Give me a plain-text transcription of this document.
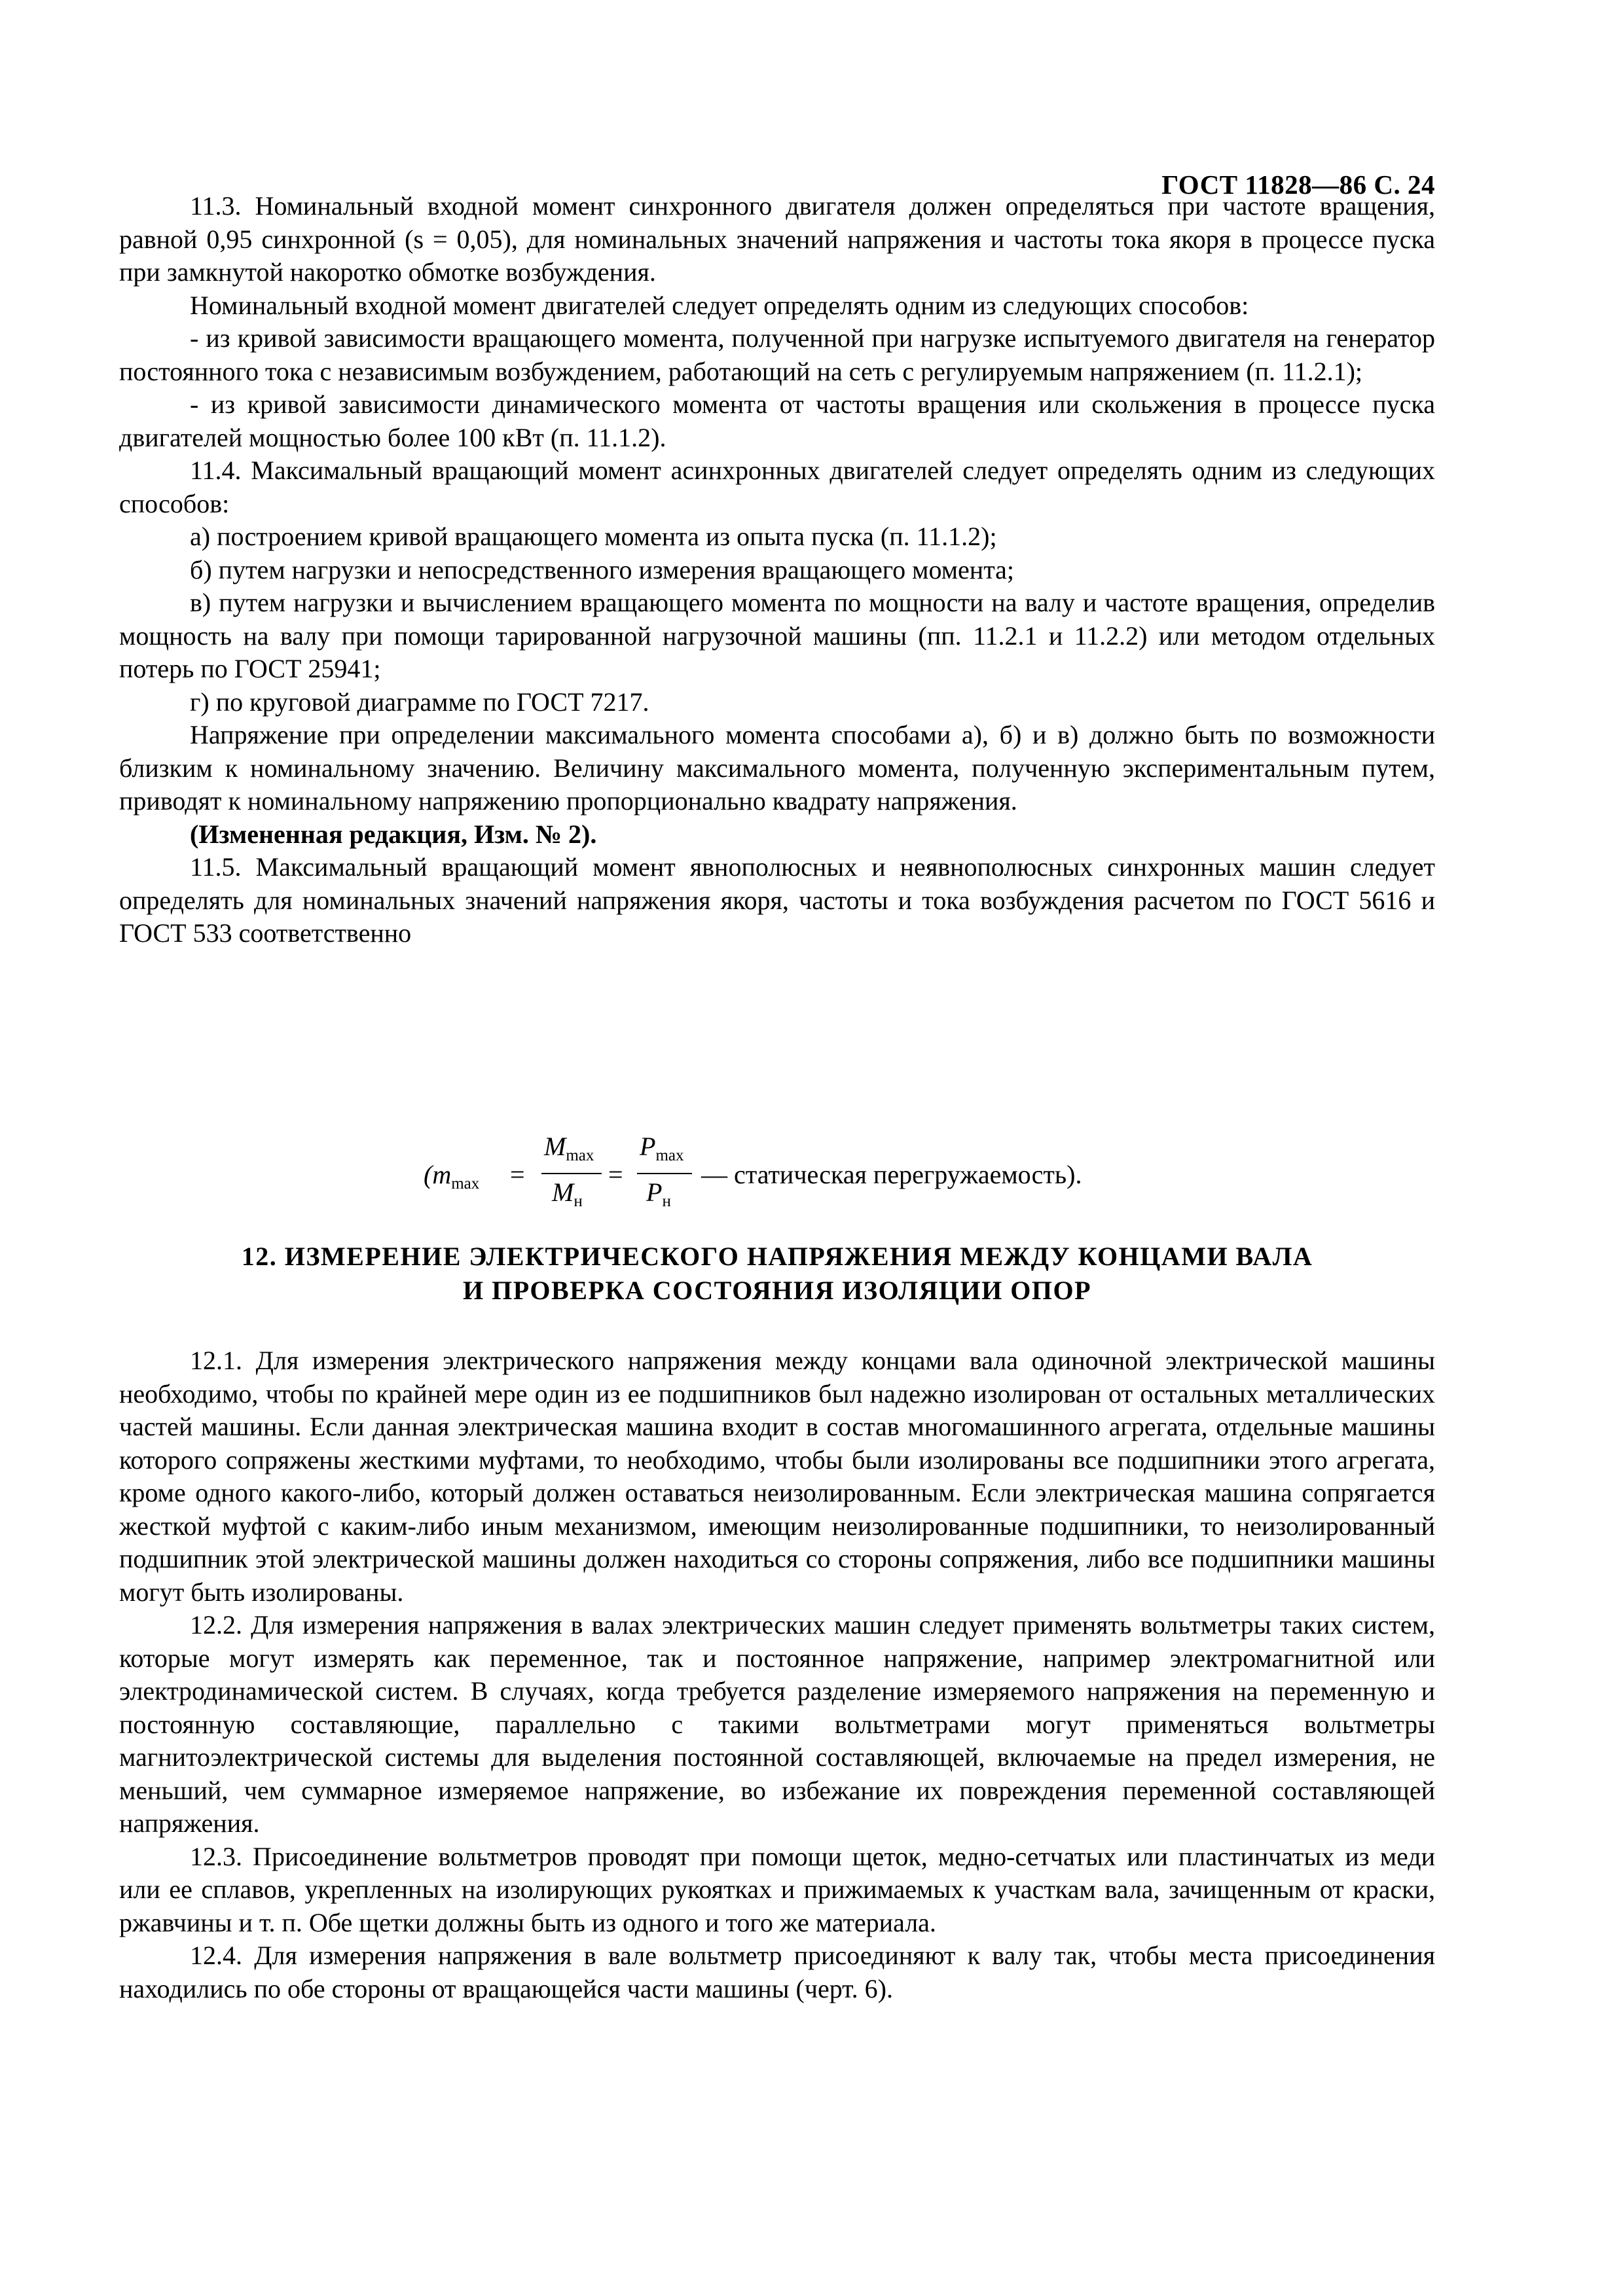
ГОСТ 11828—86 С. 24

11.3. Номинальный входной момент синхронного двигателя должен определяться при частоте вращения, равной 0,95 синхронной (s = 0,05), для номинальных значений напряжения и частоты тока якоря в процессе пуска при замкнутой накоротко обмотке возбуждения.

Номинальный входной момент двигателей следует определять одним из следующих способов:

- из кривой зависимости вращающего момента, полученной при нагрузке испытуемого двигателя на генератор постоянного тока с независимым возбуждением, работающий на сеть с регулируемым напряжением (п. 11.2.1);

- из кривой зависимости динамического момента от частоты вращения или скольжения в процессе пуска двигателей мощностью более 100 кВт (п. 11.1.2).

11.4. Максимальный вращающий момент асинхронных двигателей следует определять одним из следующих способов:

а) построением кривой вращающего момента из опыта пуска (п. 11.1.2);

б) путем нагрузки и непосредственного измерения вращающего момента;

в) путем нагрузки и вычислением вращающего момента по мощности на валу и частоте вращения, определив мощность на валу при помощи тарированной нагрузочной машины (пп. 11.2.1 и 11.2.2) или методом отдельных потерь по ГОСТ 25941;

г) по круговой диаграмме по ГОСТ 7217.

Напряжение при определении максимального момента способами а), б) и в) должно быть по возможности близким к номинальному значению. Величину максимального момента, полученную экспериментальным путем, приводят к номинальному напряжению пропорционально квадрату напряжения.

(Измененная редакция, Изм. № 2).

11.5. Максимальный вращающий момент явнополюсных и неявнополюсных синхронных машин следует определять для номинальных значений напряжения якоря, частоты и тока возбуждения расчетом по ГОСТ 5616 и ГОСТ 533 соответственно

($m_{max}$ =
$M_{max}$
$M_н$
=
$P_{max}$
$P_н$
— статическая перегружаемость).
12. ИЗМЕРЕНИЕ ЭЛЕКТРИЧЕСКОГО НАПРЯЖЕНИЯ МЕЖДУ КОНЦАМИ ВАЛА
И ПРОВЕРКА СОСТОЯНИЯ ИЗОЛЯЦИИ ОПОР

12.1. Для измерения электрического напряжения между концами вала одиночной электрической машины необходимо, чтобы по крайней мере один из ее подшипников был надежно изолирован от остальных металлических частей машины. Если данная электрическая машина входит в состав многомашинного агрегата, отдельные машины которого сопряжены жесткими муфтами, то необходимо, чтобы были изолированы все подшипники этого агрегата, кроме одного какого-либо, который должен оставаться неизолированным. Если электрическая машина сопрягается жесткой муфтой с каким-либо иным механизмом, имеющим неизолированные подшипники, то неизолированный подшипник этой электрической машины должен находиться со стороны сопряжения, либо все подшипники машины могут быть изолированы.

12.2. Для измерения напряжения в валах электрических машин следует применять вольтметры таких систем, которые могут измерять как переменное, так и постоянное напряжение, например электромагнитной или электродинамической систем. В случаях, когда требуется разделение измеряемого напряжения на переменную и постоянную составляющие, параллельно с такими вольтметрами могут применяться вольтметры магнитоэлектрической системы для выделения постоянной составляющей, включаемые на предел измерения, не меньший, чем суммарное измеряемое напряжение, во избежание их повреждения переменной составляющей напряжения.

12.3. Присоединение вольтметров проводят при помощи щеток, медно-сетчатых или пластинчатых из меди или ее сплавов, укрепленных на изолирующих рукоятках и прижимаемых к участкам вала, зачищенным от краски, ржавчины и т. п. Обе щетки должны быть из одного и того же материала.

12.4. Для измерения напряжения в вале вольтметр присоединяют к валу так, чтобы места присоединения находились по обе стороны от вращающейся части машины (черт. 6).
